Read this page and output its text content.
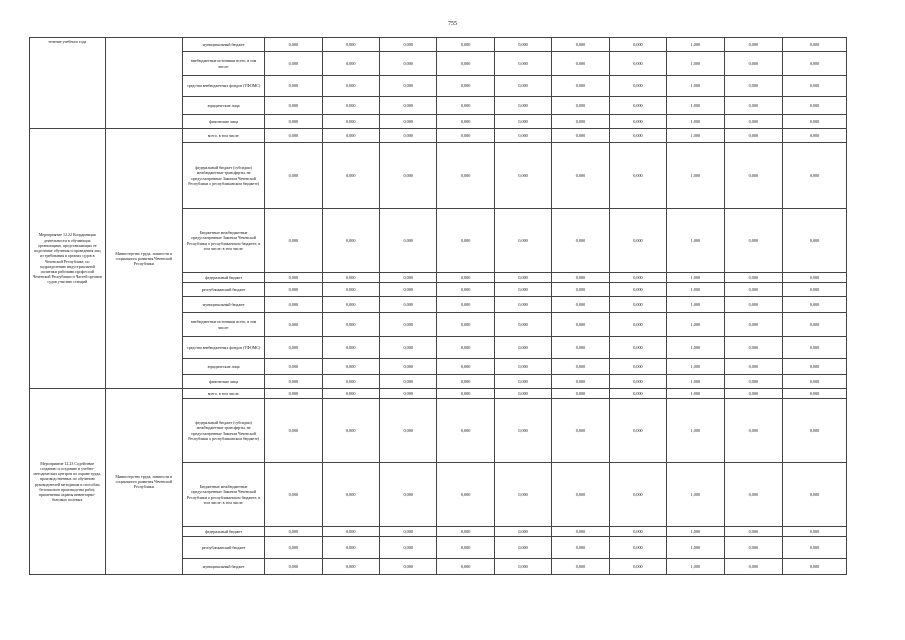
755
течение учебного года		муниципальный бюджет	0,000	0,000	0,000	0,000	0,000	0,000	0,000	1,000	0,000	0,000
		внебюджетные источники всего, в том числе:	0,000	0,000	0,000	0,000	0,000	0,000	0,000	1,000	0,000	0,000
		средства внебюджетных фондов (ТФОМС)	0,000	0,000	0,000	0,000	0,000	0,000	0,000	1,000	0,000	0,000
		юридические лица	0,000	0,000	0,000	0,000	0,000	0,000	0,000	1,000	0,000	0,000
		физические лица	0,000	0,000	0,000	0,000	0,000	0,000	0,000	1,000	0,000	0,000
Мероприятие 12.22 Координация деятельности в обучающих организациях, представляющих ее подготовке обучения и проведения лиц из требования в органах судов в Чеченской Республике, по подразделению индустриальной политики рабочими профессий Чеченской Республики и Частей органов судов участию станций	Министерство труда, занятости и социального развития Чеченской Республики	всего, в том числе:	0,000	0,000	0,000	0,000	0,000	0,000	0,000	1,000	0,000	0,000
		федеральный бюджет (субсидии) межбюджетные трансферты, не предусмотренные Законом Чеченской Республики о республиканском бюджете)	0,000	0,000	0,000	0,000	0,000	0,000	0,000	1,000	0,000	0,000
		Бюджетные межбюджетные предусмотренные Законом Чеченской Республики о республиканском бюджете, в том числе: в том числе:	0,000	0,000	0,000	0,000	0,000	0,000	0,000	1,000	0,000	0,000
		федеральный бюджет	0,000	0,000	0,000	0,000	0,000	0,000	0,000	1,000	0,000	0,000
		республиканский бюджет	0,000	0,000	0,000	0,000	0,000	0,000	0,000	1,000	0,000	0,000
		муниципальный бюджет	0,000	0,000	0,000	0,000	0,000	0,000	0,000	1,000	0,000	0,000
		внебюджетные источники всего, в том числе:	0,000	0,000	0,000	0,000	0,000	0,000	0,000	1,000	0,000	0,000
		средства внебюджетных фондов (ТФОМС)	0,000	0,000	0,000	0,000	0,000	0,000	0,000	1,000	0,000	0,000
		юридические лица	0,000	0,000	0,000	0,000	0,000	0,000	0,000	1,000	0,000	0,000
		физические лица	0,000	0,000	0,000	0,000	0,000	0,000	0,000	1,000	0,000	0,000
Мероприятие 12.23 Содействие созданию и созданию и учебно-методических центров по охране труда, производственных по обучению руководителей методикам и способам безопасного производства работ, применения охраны инвентарно-бытовых полевых	Министерство труда, занятости и социального развития Чеченской Республики	всего, в том числе:	0,000	0,000	0,000	0,000	0,000	0,000	0,000	1,000	0,000	0,000
		федеральный бюджет (субсидии) межбюджетные трансферты, не предусмотренные Законом Чеченской Республики о республиканском бюджете)	0,000	0,000	0,000	0,000	0,000	0,000	0,000	1,000	0,000	0,000
		Бюджетные межбюджетные предусмотренные Законом Чеченской Республики о республиканском бюджете, в том числе: в том числе:	0,000	0,000	0,000	0,000	0,000	0,000	0,000	1,000	0,000	0,000
		федеральный бюджет	0,000	0,000	0,000	0,000	0,000	0,000	0,000	1,000	0,000	0,000
		республиканский бюджет	0,000	0,000	0,000	0,000	0,000	0,000	0,000	1,000	0,000	0,000
		муниципальный бюджет	0,000	0,000	0,000	0,000	0,000	0,000	0,000	1,000	0,000	0,000
